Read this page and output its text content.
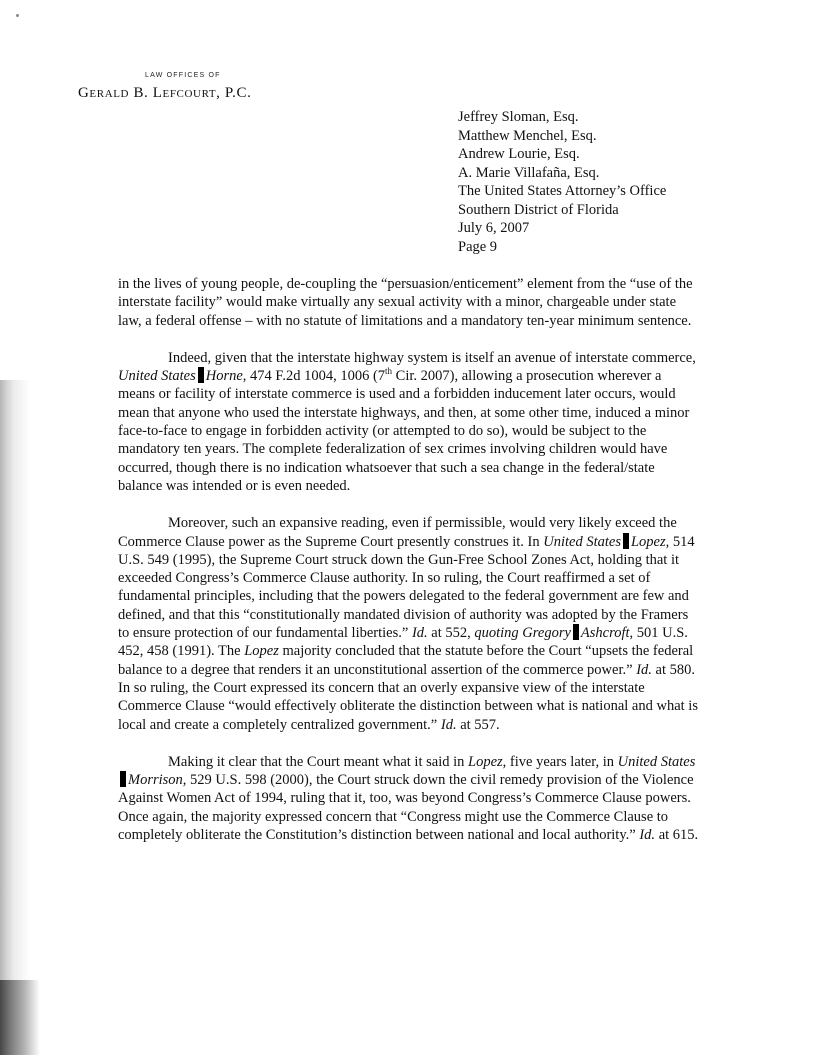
LAW OFFICES OF
Gerald B. Lefcourt, P.C.
Jeffrey Sloman, Esq.
Matthew Menchel, Esq.
Andrew Lourie, Esq.
A. Marie Villafaña, Esq.
The United States Attorney’s Office
Southern District of Florida
July 6, 2007
Page 9

in the lives of young people, de-coupling the “persuasion/enticement” element from the “use of the interstate facility” would make virtually any sexual activity with a minor, chargeable under state law, a federal offense – with no statute of limitations and a mandatory ten-year minimum sentence.

Indeed, given that the interstate highway system is itself an avenue of interstate commerce, United States Horne, 474 F.2d 1004, 1006 (7th Cir. 2007), allowing a prosecution wherever a means or facility of interstate commerce is used and a forbidden inducement later occurs, would mean that anyone who used the interstate highways, and then, at some other time, induced a minor face-to-face to engage in forbidden activity (or attempted to do so), would be subject to the mandatory ten years. The complete federalization of sex crimes involving children would have occurred, though there is no indication whatsoever that such a sea change in the federal/state balance was intended or is even needed.

Moreover, such an expansive reading, even if permissible, would very likely exceed the Commerce Clause power as the Supreme Court presently construes it. In United States Lopez, 514 U.S. 549 (1995), the Supreme Court struck down the Gun-Free School Zones Act, holding that it exceeded Congress’s Commerce Clause authority. In so ruling, the Court reaffirmed a set of fundamental principles, including that the powers delegated to the federal government are few and defined, and that this “constitutionally mandated division of authority was adopted by the Framers to ensure protection of our fundamental liberties.” Id. at 552, quoting Gregory Ashcroft, 501 U.S. 452, 458 (1991). The Lopez majority concluded that the statute before the Court “upsets the federal balance to a degree that renders it an unconstitutional assertion of the commerce power.” Id. at 580. In so ruling, the Court expressed its concern that an overly expansive view of the interstate Commerce Clause “would effectively obliterate the distinction between what is national and what is local and create a completely centralized government.” Id. at 557.

Making it clear that the Court meant what it said in Lopez, five years later, in United StatesMorrison, 529 U.S. 598 (2000), the Court struck down the civil remedy provision of the Violence Against Women Act of 1994, ruling that it, too, was beyond Congress’s Commerce Clause powers. Once again, the majority expressed concern that “Congress might use the Commerce Clause to completely obliterate the Constitution’s distinction between national and local authority.” Id. at 615.
